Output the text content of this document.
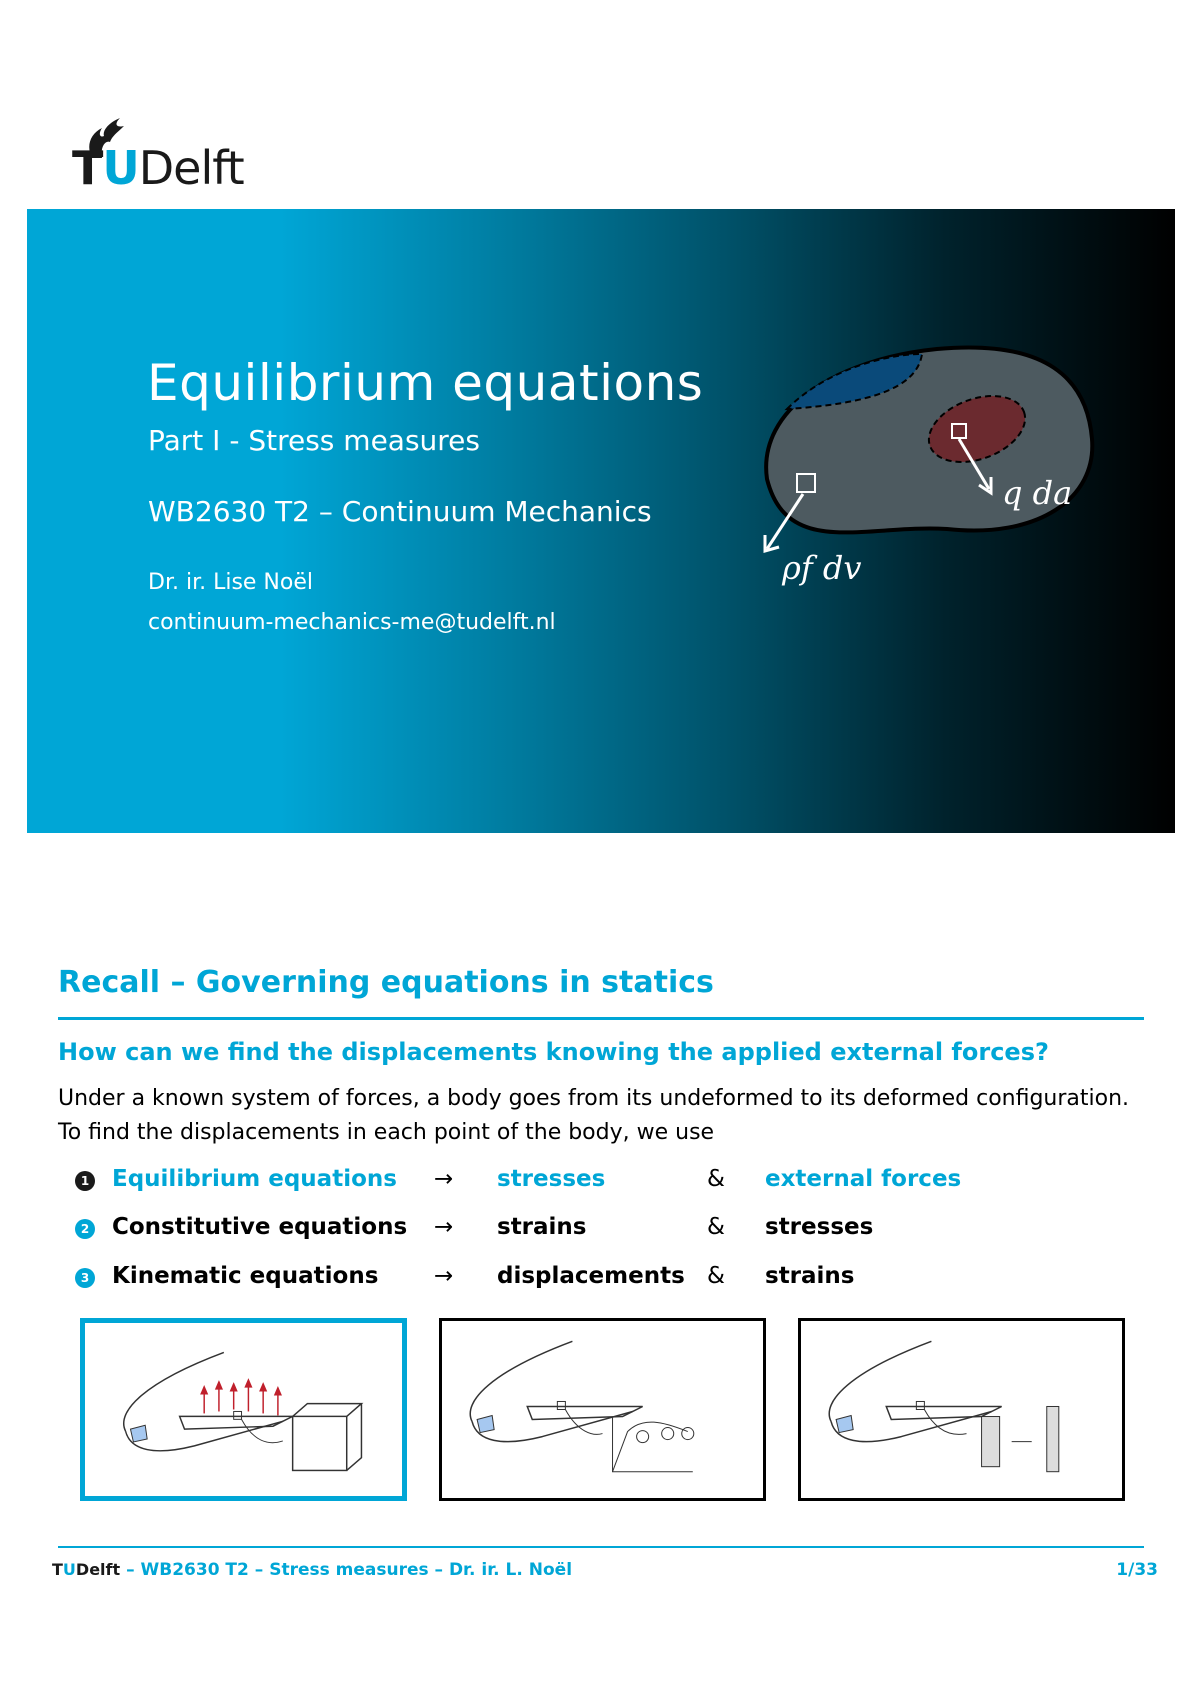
TUDelft
Equilibrium equations
Part I - Stress measures
WB2630 T2 – Continuum Mechanics
Dr. ir. Lise Noël
continuum-mechanics-me@tudelft.nl
q da
ρf dv
Recall – Governing equations in statics
How can we find the displacements knowing the applied external forces?
Under a known system of forces, a body goes from its undeformed to its deformed configuration.
To find the displacements in each point of the body, we use
1 Equilibrium equations → stresses	& external forces
2 Constitutive equations → strains	& stresses
3 Kinematic equations → displacements & strains
TUDelft – WB2630 T2 – Stress measures – Dr. ir. L. Noël	1/33
